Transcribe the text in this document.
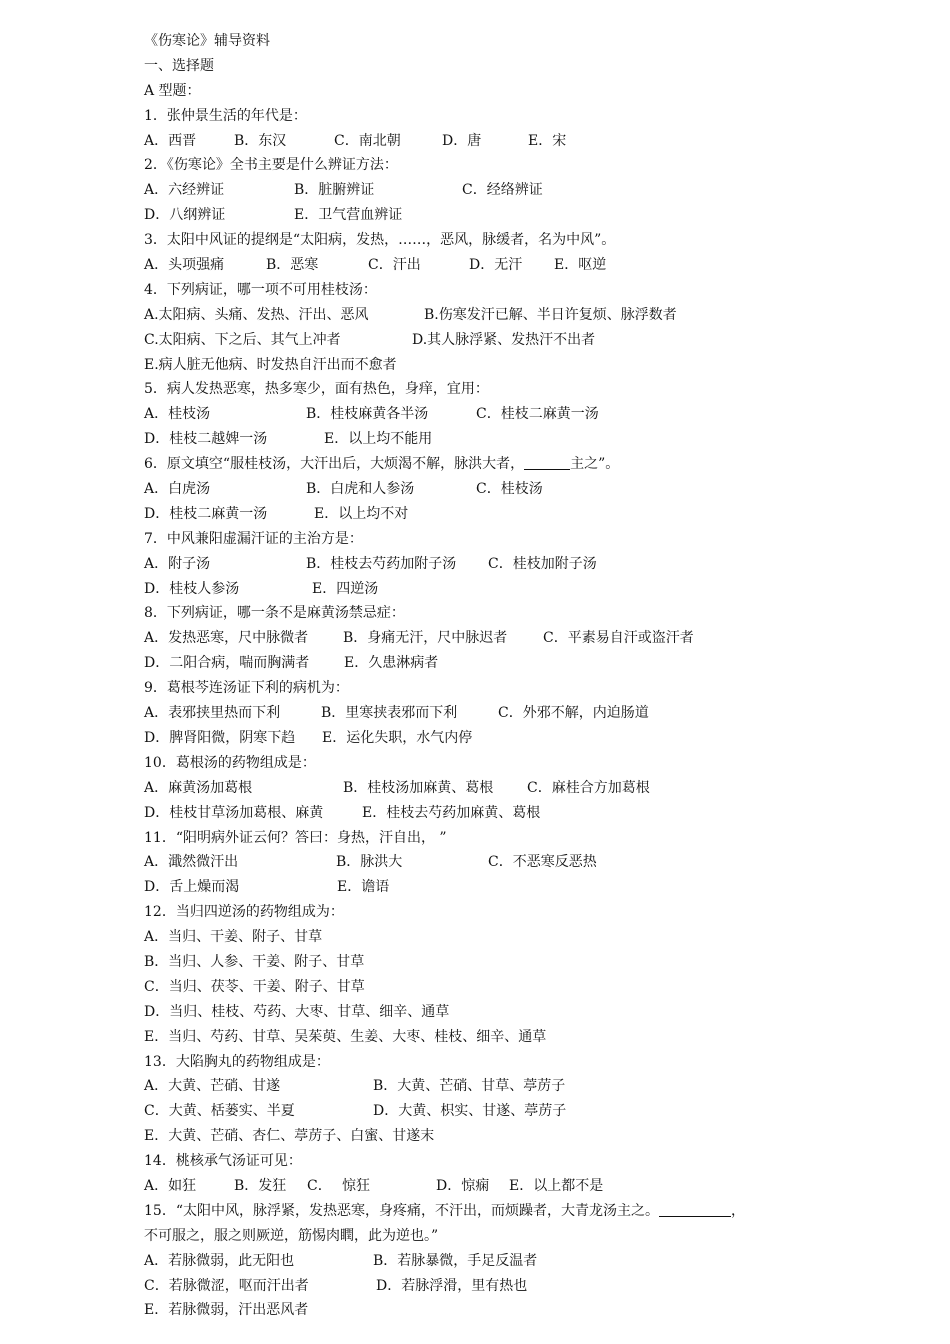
《伤寒论》辅导资料
一、选择题
A 型题：
1．张仲景生活的年代是：
A．西晋	B．东汉	C．南北朝	D．唐	E．宋
2．《伤寒论》全书主要是什么辨证方法：
A．六经辨证	B．脏腑辨证	C．经络辨证
D．八纲辨证	E．卫气营血辨证
3．太阳中风证的提纲是“太阳病，发热，……，恶风，脉缓者，名为中风”。
A．头项强痛	B．恶寒	C．汗出	D．无汗 E．呕逆
4．下列病证，哪一项不可用桂枝汤：
A.太阳病、头痛、发热、汗出、恶风	B.伤寒发汗已解、半日许复烦、脉浮数者
C.太阳病、下之后、其气上冲者	D.其人脉浮紧、发热汗不出者
E.病人脏无他病、时发热自汗出而不愈者
5．病人发热恶寒，热多寒少，面有热色，身痒，宜用：
A．桂枝汤	B．桂枝麻黄各半汤	C．桂枝二麻黄一汤
D．桂枝二越婢一汤	E．以上均不能用
6．原文填空“服桂枝汤，大汗出后，大烦渴不解，脉洪大者，	主之”。
A．白虎汤	B．白虎和人参汤	C．桂枝汤
D．桂枝二麻黄一汤	E．以上均不对
7．中风兼阳虚漏汗证的主治方是：
A．附子汤	B．桂枝去芍药加附子汤 C．桂枝加附子汤
D．桂枝人参汤	E．四逆汤
8．下列病证，哪一条不是麻黄汤禁忌症：
A．发热恶寒，尺中脉微者 B．身痛无汗，尺中脉迟者	C．平素易自汗或盗汗者
D．二阳合病，喘而胸满者 E．久患淋病者
9．葛根芩连汤证下利的病机为：
A．表邪挟里热而下利	B．里寒挟表邪而下利	C．外邪不解，内迫肠道
D．脾肾阳微，阴寒下趋 E．运化失职，水气内停
10．葛根汤的药物组成是：
A．麻黄汤加葛根	B．桂枝汤加麻黄、葛根 C．麻桂合方加葛根
D．桂枝甘草汤加葛根、麻黄	E．桂枝去芍药加麻黄、葛根
11．“阳明病外证云何？答曰：身热，汗自出， ”
A．濈然微汗出	B．脉洪大	C．不恶寒反恶热
D．舌上燥而渴	E．谵语
12．当归四逆汤的药物组成为：
A．当归、干姜、附子、甘草
B．当归、人参、干姜、附子、甘草
C．当归、茯苓、干姜、附子、甘草
D．当归、桂枝、芍药、大枣、甘草、细辛、通草
E．当归、芍药、甘草、吴茱萸、生姜、大枣、桂枝、细辛、通草
13．大陷胸丸的药物组成是：
A．大黄、芒硝、甘遂	B．大黄、芒硝、甘草、葶苈子
C．大黄、栝蒌实、半夏	D．大黄、枳实、甘遂、葶苈子
E．大黄、芒硝、杏仁、葶苈子、白蜜、甘遂末
14．桃核承气汤证可见：
A．如狂	B．发狂 C． 惊狂	D．惊痫 E．以上都不是
15．“太阳中风，脉浮紧，发热恶寒，身疼痛，不汗出，而烦躁者，大青龙汤主之。	，
不可服之，服之则厥逆，筋惕肉瞤，此为逆也。”
A．若脉微弱，此无阳也	B．若脉暴微，手足反温者
C．若脉微涩，呕而汗出者	D．若脉浮滑，里有热也
E．若脉微弱，汗出恶风者
